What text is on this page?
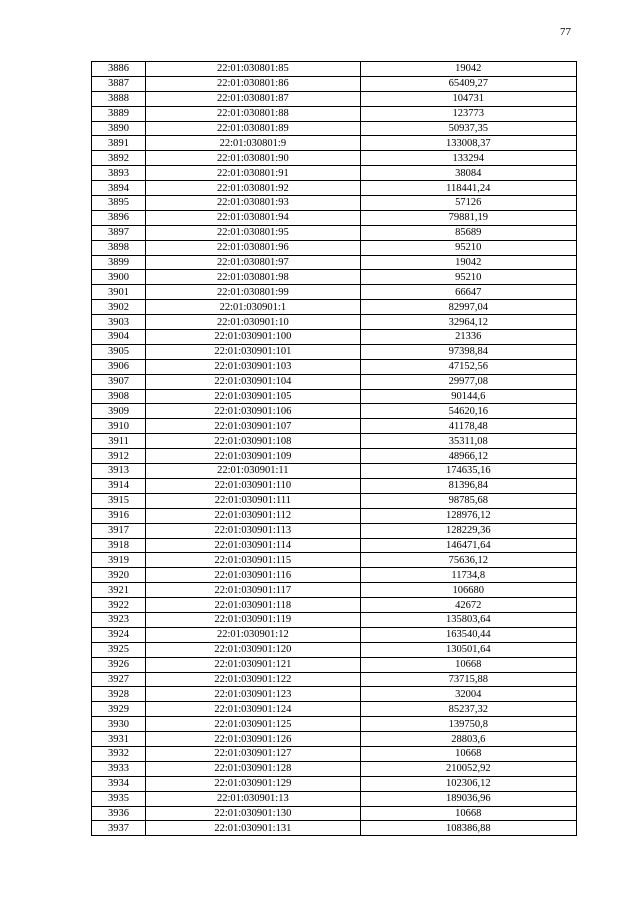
77
3886	22:01:030801:85	19042
3887	22:01:030801:86	65409,27
3888	22:01:030801:87	104731
3889	22:01:030801:88	123773
3890	22:01:030801:89	50937,35
3891	22:01:030801:9	133008,37
3892	22:01:030801:90	133294
3893	22:01:030801:91	38084
3894	22:01:030801:92	118441,24
3895	22:01:030801:93	57126
3896	22:01:030801:94	79881,19
3897	22:01:030801:95	85689
3898	22:01:030801:96	95210
3899	22:01:030801:97	19042
3900	22:01:030801:98	95210
3901	22:01:030801:99	66647
3902	22:01:030901:1	82997,04
3903	22:01:030901:10	32964,12
3904	22:01:030901:100	21336
3905	22:01:030901:101	97398,84
3906	22:01:030901:103	47152,56
3907	22:01:030901:104	29977,08
3908	22:01:030901:105	90144,6
3909	22:01:030901:106	54620,16
3910	22:01:030901:107	41178,48
3911	22:01:030901:108	35311,08
3912	22:01:030901:109	48966,12
3913	22:01:030901:11	174635,16
3914	22:01:030901:110	81396,84
3915	22:01:030901:111	98785,68
3916	22:01:030901:112	128976,12
3917	22:01:030901:113	128229,36
3918	22:01:030901:114	146471,64
3919	22:01:030901:115	75636,12
3920	22:01:030901:116	11734,8
3921	22:01:030901:117	106680
3922	22:01:030901:118	42672
3923	22:01:030901:119	135803,64
3924	22:01:030901:12	163540,44
3925	22:01:030901:120	130501,64
3926	22:01:030901:121	10668
3927	22:01:030901:122	73715,88
3928	22:01:030901:123	32004
3929	22:01:030901:124	85237,32
3930	22:01:030901:125	139750,8
3931	22:01:030901:126	28803,6
3932	22:01:030901:127	10668
3933	22:01:030901:128	210052,92
3934	22:01:030901:129	102306,12
3935	22:01:030901:13	189036,96
3936	22:01:030901:130	10668
3937	22:01:030901:131	108386,88
